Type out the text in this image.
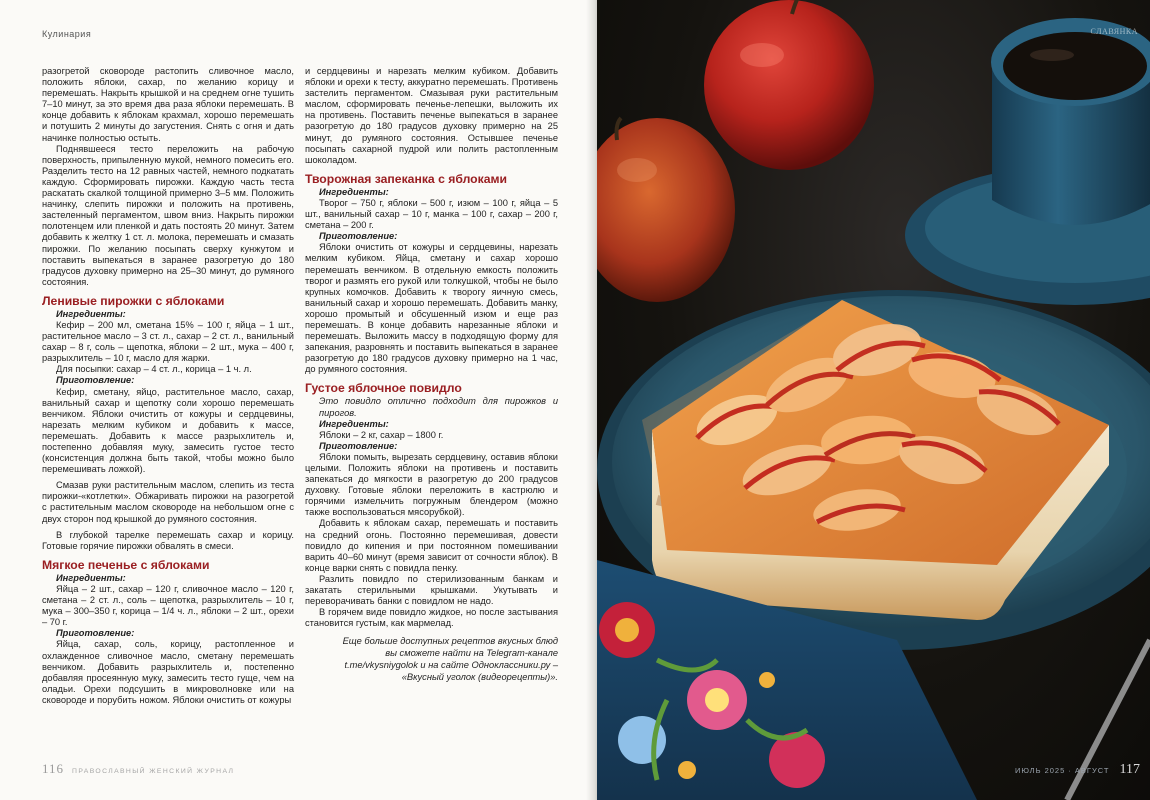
Кулинария

разогретой сковороде растопить сливочное масло, положить яблоки, сахар, по желанию корицу и перемешать. Накрыть крышкой и на среднем огне тушить 7–10 минут, за это время два раза яблоки перемешать. В конце добавить к яблокам крахмал, хорошо перемешать и потушить 2 минуты до загустения. Снять с огня и дать начинке полностью остыть.

Поднявшееся тесто переложить на рабочую поверхность, припыленную мукой, немного помесить его. Разделить тесто на 12 равных частей, немного подкатать каждую. Сформировать пирожки. Каждую часть теста раскатать скалкой толщиной примерно 3–5 мм. Положить начинку, слепить пирожки и положить на противень, застеленный пергаментом, швом вниз. Накрыть пирожки полотенцем или пленкой и дать постоять 20 минут. Затем добавить к желтку 1 ст. л. молока, перемешать и смазать пирожки. По желанию посыпать сверху кунжутом и поставить выпекаться в заранее разогретую до 180 градусов духовку примерно на 25–30 минут, до румяного состояния.

Ленивые пирожки с яблоками

Ингредиенты:

Кефир – 200 мл, сметана 15% – 100 г, яйца – 1 шт., растительное масло – 3 ст. л., сахар – 2 ст. л., ванильный сахар – 8 г, соль – щепотка, яблоки – 2 шт., мука – 400 г, разрыхлитель – 10 г, масло для жарки.

Для посыпки: сахар – 4 ст. л., корица – 1 ч. л.

Приготовление:

Кефир, сметану, яйцо, растительное масло, сахар, ванильный сахар и щепотку соли хорошо перемешать венчиком. Яблоки очистить от кожуры и сердцевины, нарезать мелким кубиком и добавить к массе, перемешать. Добавить к массе разрыхлитель и, постепенно добавляя муку, замесить густое тесто (консистенция должна быть такой, чтобы можно было перемешивать ложкой).

Смазав руки растительным маслом, слепить из теста пирожки-«котлетки». Обжаривать пирожки на разогретой с растительным маслом сковороде на небольшом огне с двух сторон под крышкой до румяного состояния.

В глубокой тарелке перемешать сахар и корицу. Готовые горячие пирожки обвалять в смеси.

Мягкое печенье с яблоками

Ингредиенты:

Яйца – 2 шт., сахар – 120 г, сливочное масло – 120 г, сметана – 2 ст. л., соль – щепотка, разрыхлитель – 10 г, мука – 300–350 г, корица – 1/4 ч. л., яблоки – 2 шт., орехи – 70 г.

Приготовление:

Яйца, сахар, соль, корицу, растопленное и охлажденное сливочное масло, сметану перемешать венчиком. Добавить разрыхлитель и, постепенно добавляя просеянную муку, замесить тесто гуще, чем на оладьи. Орехи подсушить в микроволновке или на сковороде и порубить ножом. Яблоки очистить от кожуры

и сердцевины и нарезать мелким кубиком. Добавить яблоки и орехи к тесту, аккуратно перемешать. Противень застелить пергаментом. Смазывая руки растительным маслом, сформировать печенье-лепешки, выложить их на противень. Поставить печенье выпекаться в заранее разогретую до 180 градусов духовку примерно на 25 минут, до румяного состояния. Остывшее печенье посыпать сахарной пудрой или полить растопленным шоколадом.

Творожная запеканка с яблоками

Ингредиенты:

Творог – 750 г, яблоки – 500 г, изюм – 100 г, яйца – 5 шт., ванильный сахар – 10 г, манка – 100 г, сахар – 200 г, сметана – 200 г.

Приготовление:

Яблоки очистить от кожуры и сердцевины, нарезать мелким кубиком. Яйца, сметану и сахар хорошо перемешать венчиком. В отдельную емкость положить творог и размять его рукой или толкушкой, чтобы не было крупных комочков. Добавить к творогу яичную смесь, ванильный сахар и хорошо перемешать. Добавить манку, хорошо промытый и обсушенный изюм и еще раз перемешать. В конце добавить нарезанные яблоки и перемешать. Выложить массу в подходящую форму для запекания, разровнять и поставить выпекаться в заранее разогретую до 180 градусов духовку примерно на 1 час, до румяного состояния.

Густое яблочное повидло

Это повидло отлично подходит для пирожков и пирогов.

Ингредиенты:

Яблоки – 2 кг, сахар – 1800 г.

Приготовление:

Яблоки помыть, вырезать сердцевину, оставив яблоки целыми. Положить яблоки на противень и поставить запекаться до мягкости в разогретую до 200 градусов духовку. Готовые яблоки переложить в кастрюлю и горячими измельчить погружным блендером (можно также воспользоваться мясорубкой).

Добавить к яблокам сахар, перемешать и поставить на средний огонь. Постоянно перемешивая, довести повидло до кипения и при постоянном помешивании варить 40–60 минут (время зависит от сочности яблок). В конце варки снять с повидла пенку.

Разлить повидло по стерилизованным банкам и закатать стерильными крышками. Укутывать и переворачивать банки с повидлом не надо.

В горячем виде повидло жидкое, но после застывания становится густым, как мармелад.

Еще больше доступных рецептов вкусных блюд вы сможете найти на Telegram-канале t.me/vkysniygolok и на сайте Одноклассники.ру – «Вкусный уголок (видеорецепты)».

116 ПРАВОСЛАВНЫЙ ЖЕНСКИЙ ЖУРНАЛ
СЛАВЯНКА
ИЮЛЬ 2025 · АВГУСТ 117
